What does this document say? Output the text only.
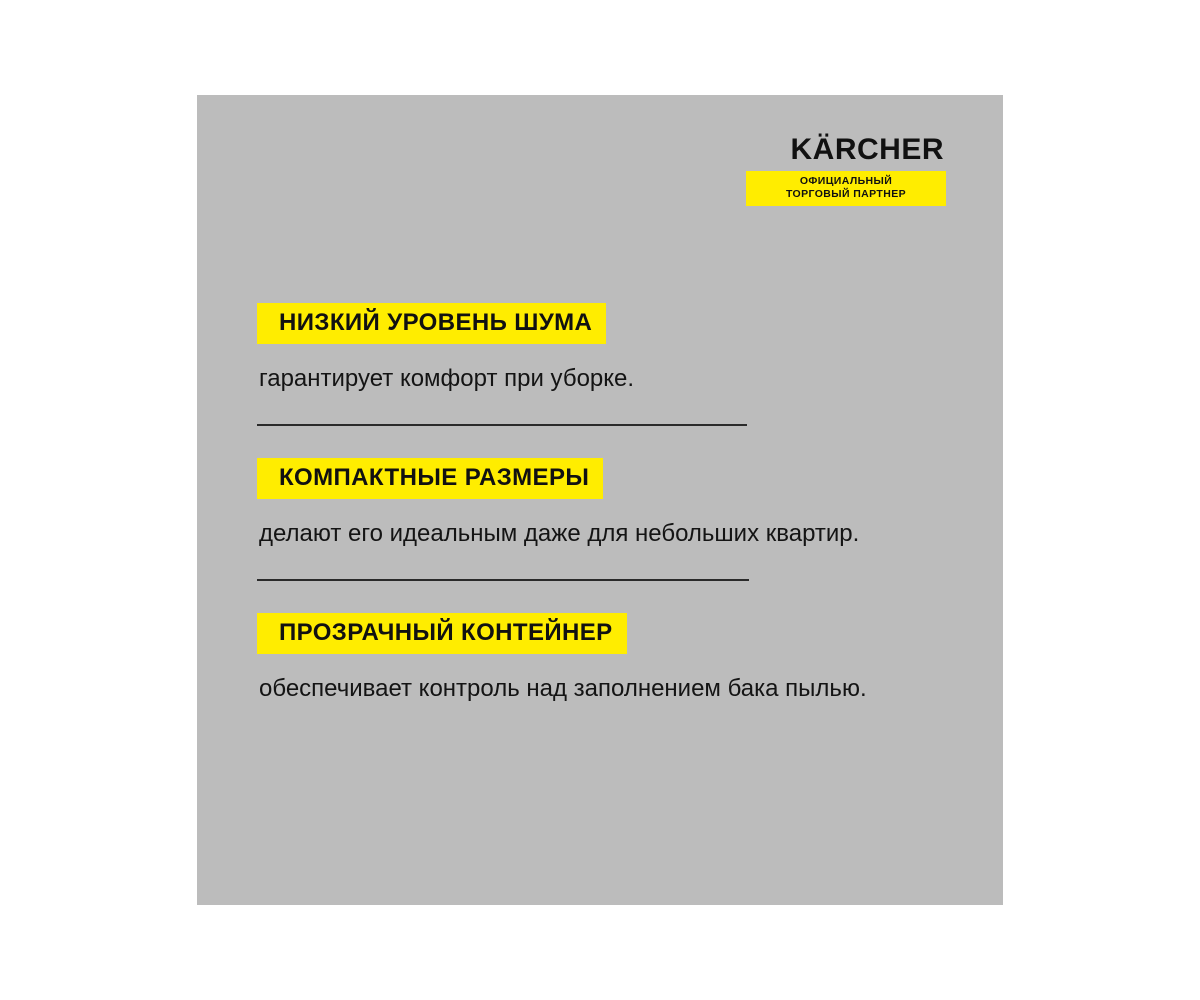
KÄRCHER
ОФИЦИАЛЬНЫЙ
ТОРГОВЫЙ ПАРТНЕР
НИЗКИЙ УРОВЕНЬ ШУМА
гарантирует комфорт при уборке.
КОМПАКТНЫЕ РАЗМЕРЫ
делают его идеальным даже для небольших квартир.
ПРОЗРАЧНЫЙ КОНТЕЙНЕР
обеспечивает контроль над заполнением бака пылью.
